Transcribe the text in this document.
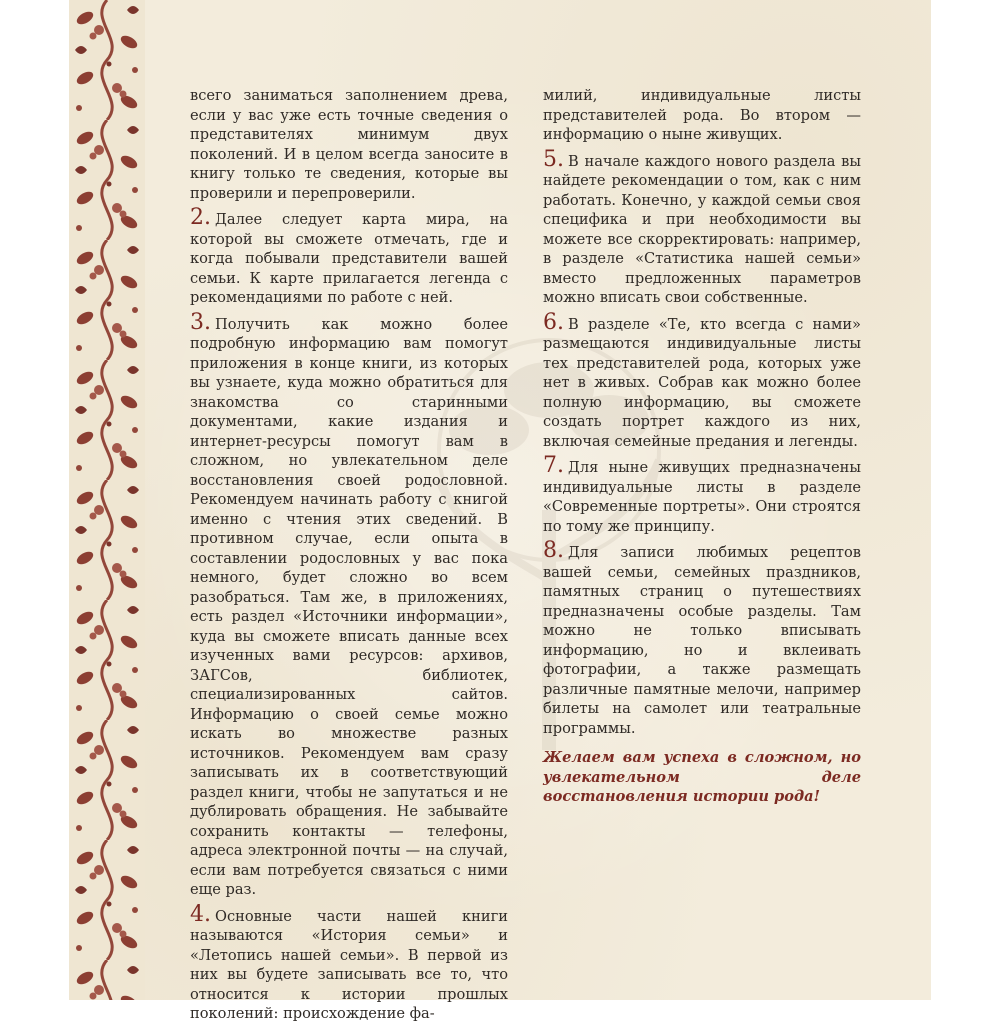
всего заниматься заполнением древа, если у вас уже есть точные сведения о представителях минимум двух поколений. И в целом всегда заносите в книгу только те сведения, которые вы проверили и перепроверили.

2. Далее следует карта мира, на которой вы сможете отмечать, где и когда побывали представители вашей семьи. К карте прилагается легенда с рекомендациями по работе с ней.

3. Получить как можно более подробную информацию вам помогут приложения в конце книги, из которых вы узнаете, куда можно обратиться для знакомства со старинными документами, какие издания и интернет-ресурсы помогут вам в сложном, но увлекательном деле восстановления своей родословной. Рекомендуем начинать работу с книгой именно с чтения этих сведений. В противном случае, если опыта в составлении родословных у вас пока немного, будет сложно во всем разобраться. Там же, в приложениях, есть раздел «Источники информации», куда вы сможете вписать данные всех изученных вами ресурсов: архивов, ЗАГСов, библиотек, специализированных сайтов. Информацию о своей семье можно искать во множестве разных источников. Рекомендуем вам сразу записывать их в соответствующий раздел книги, чтобы не запутаться и не дублировать обращения. Не забывайте сохранить контакты — телефоны, адреса электронной почты — на случай, если вам потребуется связаться с ними еще раз.

4. Основные части нашей книги называются «История семьи» и «Летопись нашей семьи». В первой из них вы будете записывать все то, что относится к истории прошлых поколений: происхождение фа-

милий, индивидуальные листы представителей рода. Во втором — информацию о ныне живущих.

5. В начале каждого нового раздела вы найдете рекомендации о том, как с ним работать. Конечно, у каждой семьи своя специфика и при необходимости вы можете все скорректировать: например, в разделе «Статистика нашей семьи» вместо предложенных параметров можно вписать свои собственные.

6. В разделе «Те, кто всегда с нами» размещаются индивидуальные листы тех представителей рода, которых уже нет в живых. Собрав как можно более полную информацию, вы сможете создать портрет каждого из них, включая семейные предания и легенды.

7. Для ныне живущих предназначены индивидуальные листы в разделе «Современные портреты». Они строятся по тому же принципу.

8. Для записи любимых рецептов вашей семьи, семейных праздников, памятных страниц о путешествиях предназначены особые разделы. Там можно не только вписывать информацию, но и вклеивать фотографии, а также размещать различные памятные мелочи, например билеты на самолет или театральные программы.

Желаем вам успеха в сложном, но увлекательном деле восстановления истории рода!
